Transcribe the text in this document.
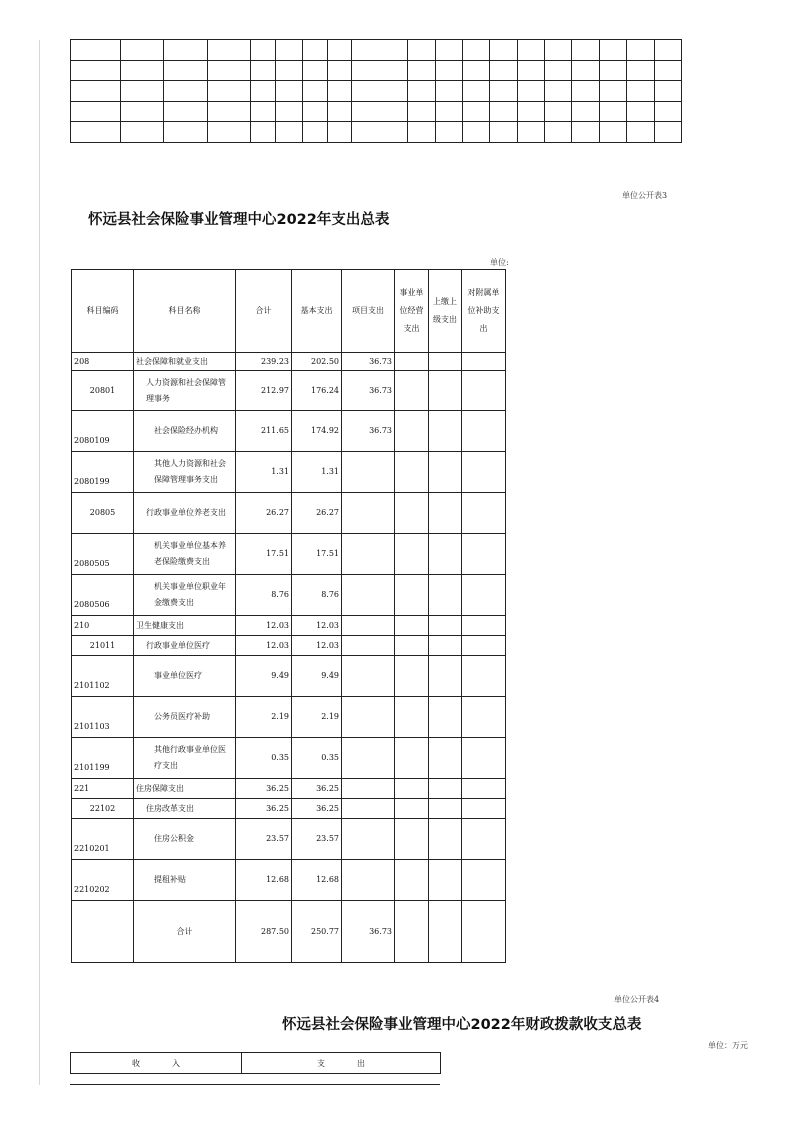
单位公开表3
怀远县社会保险事业管理中心2022年支出总表
单位:
科目编码	科目名称	合计	基本支出	项目支出	事业单位经营支出	上缴上级支出	对附属单位补助支出
208	社会保障和就业支出	239.23	202.50	36.73			
20801	人力资源和社会保障管理事务	212.97	176.24	36.73			
2080109	社会保险经办机构	211.65	174.92	36.73			
2080199	其他人力资源和社会保障管理事务支出	1.31	1.31				
20805	行政事业单位养老支出	26.27	26.27				
2080505	机关事业单位基本养老保险缴费支出	17.51	17.51				
2080506	机关事业单位职业年金缴费支出	8.76	8.76				
210	卫生健康支出	12.03	12.03				
21011	行政事业单位医疗	12.03	12.03				
2101102	事业单位医疗	9.49	9.49				
2101103	公务员医疗补助	2.19	2.19				
2101199	其他行政事业单位医疗支出	0.35	0.35				
221	住房保障支出	36.25	36.25				
22102	住房改革支出	36.25	36.25				
2210201	住房公积金	23.57	23.57				
2210202	提租补贴	12.68	12.68				
	合计	287.50	250.77	36.73			
单位公开表4
怀远县社会保险事业管理中心2022年财政拨款收支总表
单位：万元
收　　　　入	支　　　　出
